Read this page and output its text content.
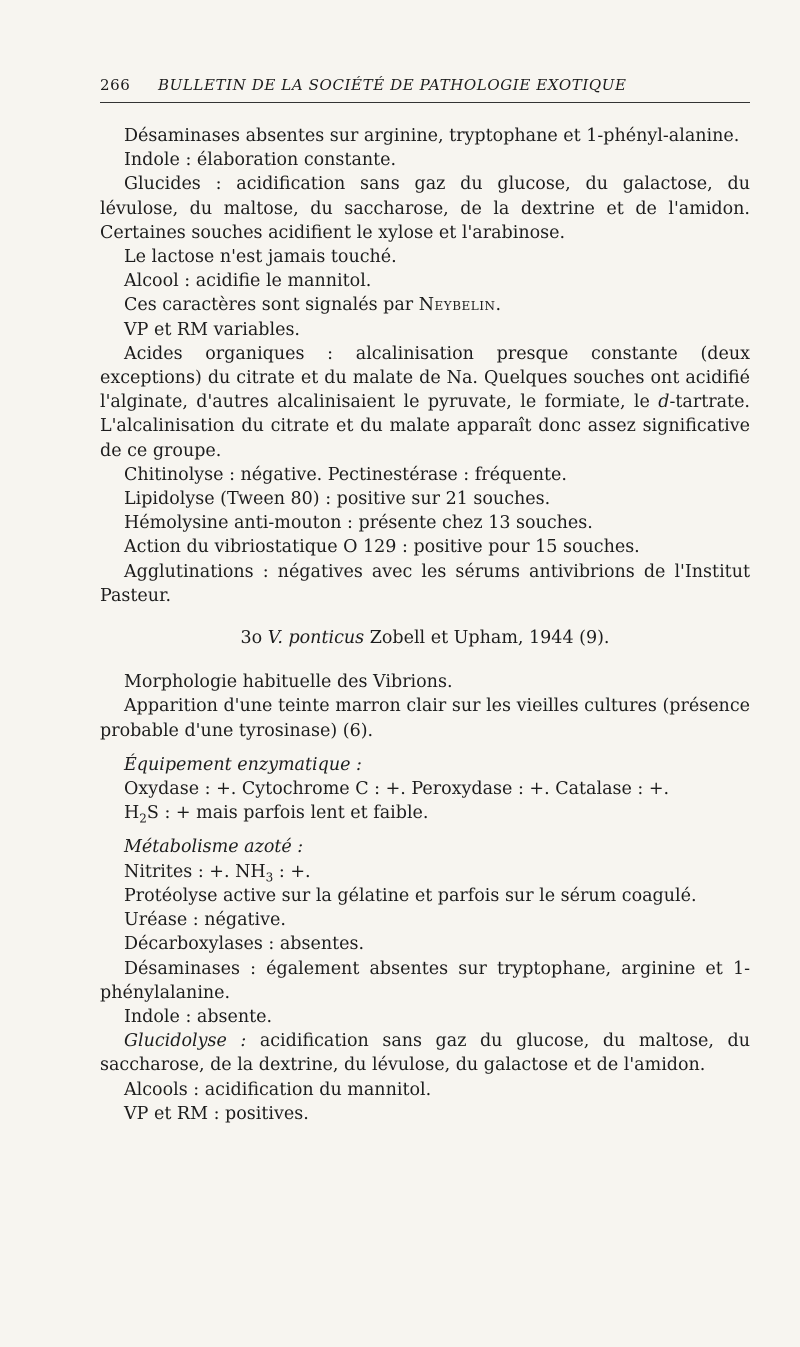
266 BULLETIN DE LA SOCIÉTÉ DE PATHOLOGIE EXOTIQUE

Désaminases absentes sur arginine, tryptophane et 1-phényl-alanine.

Indole : élaboration constante.

Glucides : acidification sans gaz du glucose, du galactose, du lévulose, du maltose, du saccharose, de la dextrine et de l'amidon. Certaines souches acidifient le xylose et l'arabinose.

Le lactose n'est jamais touché.

Alcool : acidifie le mannitol.

Ces caractères sont signalés par Neybelin.

VP et RM variables.

Acides organiques : alcalinisation presque constante (deux exceptions) du citrate et du malate de Na. Quelques souches ont acidifié l'alginate, d'autres alcalinisaient le pyruvate, le formiate, le d-tartrate. L'alcalinisation du citrate et du malate apparaît donc assez significative de ce groupe.

Chitinolyse : négative. Pectinestérase : fréquente.

Lipidolyse (Tween 80) : positive sur 21 souches.

Hémolysine anti-mouton : présente chez 13 souches.

Action du vibriostatique O 129 : positive pour 15 souches.

Agglutinations : négatives avec les sérums antivibrions de l'Institut Pasteur.

3o V. ponticus Zobell et Upham, 1944 (9).

Morphologie habituelle des Vibrions.

Apparition d'une teinte marron clair sur les vieilles cultures (présence probable d'une tyrosinase) (6).

Équipement enzymatique :

Oxydase : +. Cytochrome C : +. Peroxydase : +. Catalase : +.

$H_2S$ : + mais parfois lent et faible.

Métabolisme azoté :

Nitrites : +. $NH_3$ : +.

Protéolyse active sur la gélatine et parfois sur le sérum coagulé.

Uréase : négative.

Décarboxylases : absentes.

Désaminases : également absentes sur tryptophane, arginine et 1-phénylalanine.

Indole : absente.

Glucidolyse : acidification sans gaz du glucose, du maltose, du saccharose, de la dextrine, du lévulose, du galactose et de l'amidon.

Alcools : acidification du mannitol.

VP et RM : positives.
